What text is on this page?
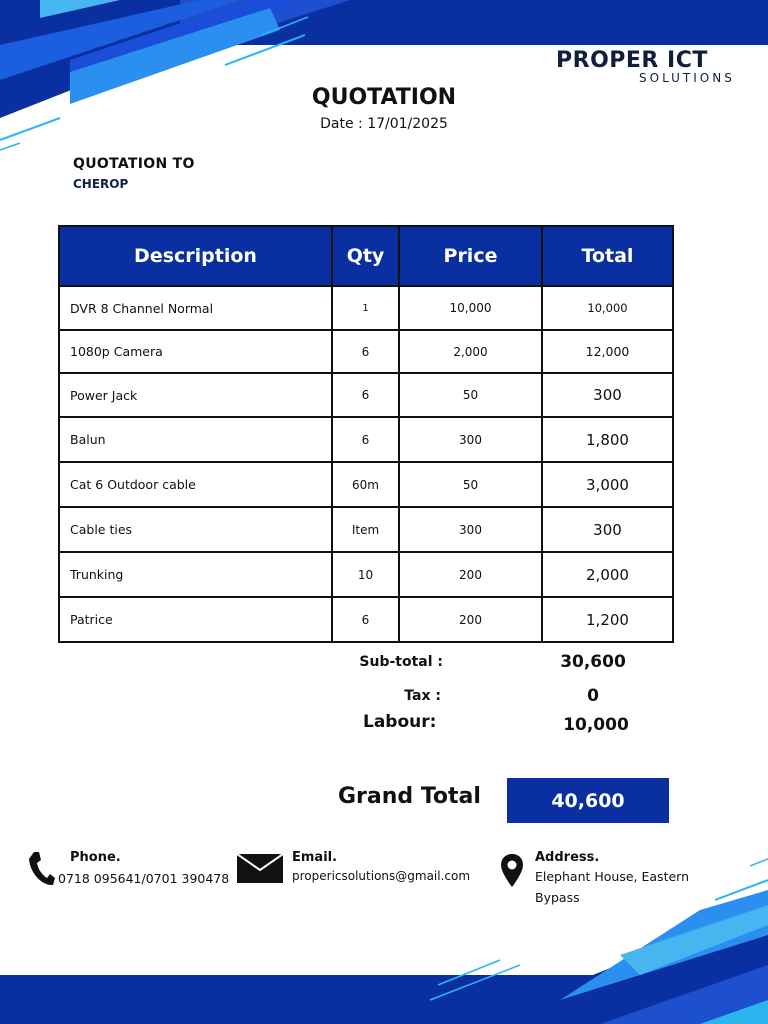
PROPER ICT
SOLUTIONS
QUOTATION
Date : 17/01/2025
QUOTATION TO
CHEROP
Description	Qty	Price	Total
DVR 8 Channel Normal	1	10,000	10,000
1080p Camera	6	2,000	12,000
Power Jack	6	50	300
Balun	6	300	1,800
Cat 6 Outdoor cable	60m	50	3,000
Cable ties	Item	300	300
Trunking	10	200	2,000
Patrice	6	200	1,200
Sub-total :	30,600
Tax :	0
Labour:	10,000
Grand Total	40,600
Phone.
0718 095641/0701 390478
Email.
propericsolutions@gmail.com
Address.
Elephant House, Eastern
Bypass
